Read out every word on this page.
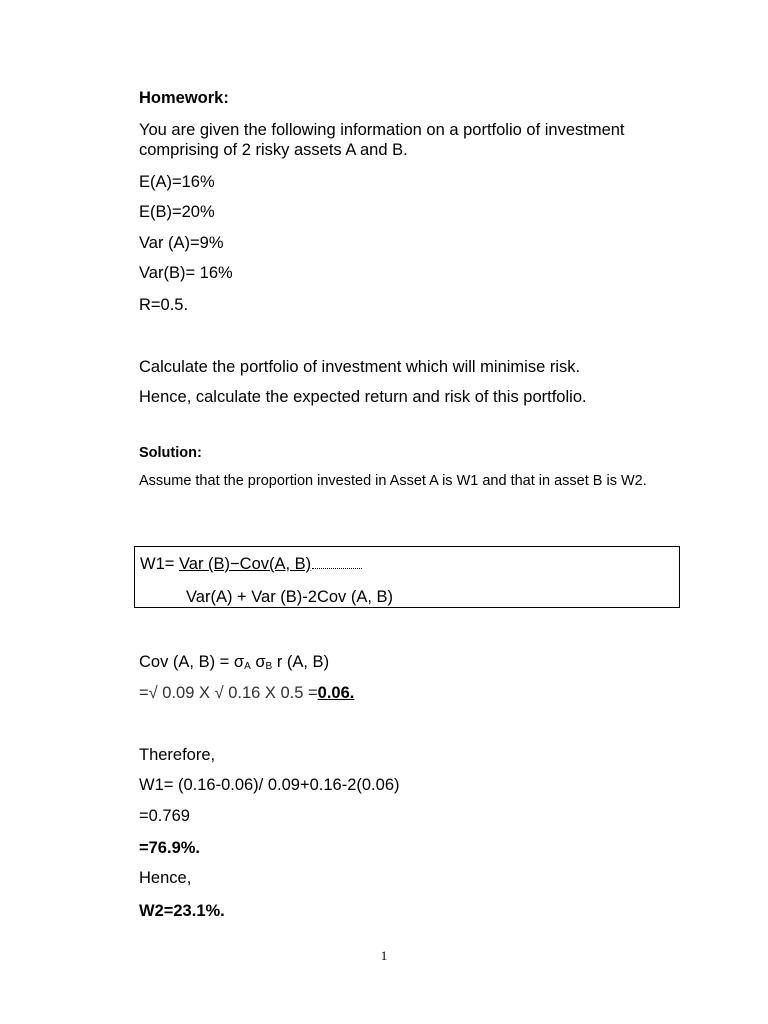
Homework:
You are given the following information on a portfolio of investment comprising of 2 risky assets A and B.
E(A)=16%
E(B)=20%
Var (A)=9%
Var(B)= 16%
R=0.5.
Calculate the portfolio of investment which will minimise risk.
Hence, calculate the expected return and risk of this portfolio.
Solution:
Assume that the proportion invested in Asset A is W1 and that in asset B is W2.
W1= Var (B)−Cov(A, B)
Var(A) + Var (B)-2Cov (A, B)
Cov (A, $B) = \sigma_A$ $\sigma_B$ r (A, B)
=√ 0.09 X √ 0.16 X 0.5 =0.06.
Therefore,
W1= (0.16-0.06)/ 0.09+0.16-2(0.06)
=0.769
=76.9%.
Hence,
W2=23.1%.
1
